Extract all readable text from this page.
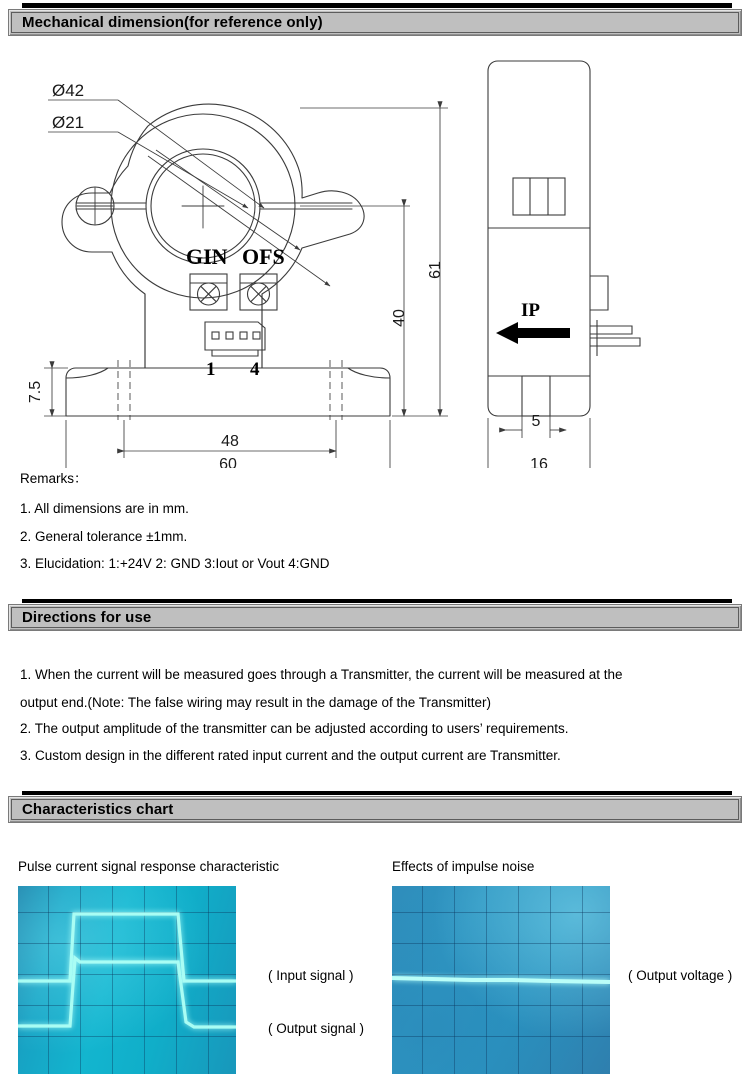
Mechanical dimension(for reference only)
Ø42
Ø21
GIN OFS
1 4
61
40
7.5
48
60
IP
5
16
Remarks：
1. All dimensions are in mm.
2. General tolerance ±1mm.
3. Elucidation: 1:+24V 2: GND 3:Iout or Vout 4:GND
Directions for use
1. When the current will be measured goes through a Transmitter, the current will be measured at the
output end.(Note: The false wiring may result in the damage of the Transmitter)
2. The output amplitude of the transmitter can be adjusted according to users’ requirements.
3. Custom design in the different rated input current and the output current are Transmitter.
Characteristics chart
Pulse current signal response characteristic	Effects of impulse noise
( Input signal )
( Output signal )
( Output voltage )
